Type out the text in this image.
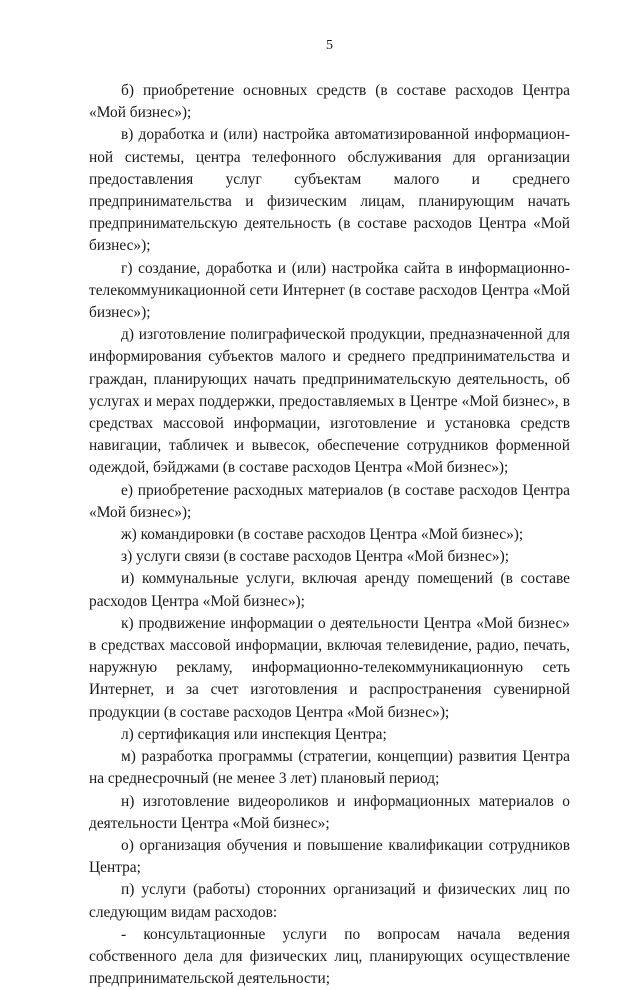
5

б) приобретение основных средств (в составе расходов Центра «Мой бизнес»);

в) доработка и (или) настройка автоматизированной информационной системы, центра телефонного обслуживания для организации предоставления услуг субъектам малого и среднего предпринимательства и физическим лицам, планирующим начать предпринимательскую деятельность (в составе расходов Центра «Мой бизнес»);

г) создание, доработка и (или) настройка сайта в информационно-телекоммуникационной сети Интернет (в составе расходов Центра «Мой бизнес»);

д) изготовление полиграфической продукции, предназначенной для информирования субъектов малого и среднего предпринимательства и граждан, планирующих начать предпринимательскую деятельность, об услугах и мерах поддержки, предоставляемых в Центре «Мой бизнес», в средствах массовой информации, изготовление и установка средств навигации, табличек и вывесок, обеспечение сотрудников форменной одеждой, бэйджами (в составе расходов Центра «Мой бизнес»);

е) приобретение расходных материалов (в составе расходов Центра «Мой бизнес»);

ж) командировки (в составе расходов Центра «Мой бизнес»);

з) услуги связи (в составе расходов Центра «Мой бизнес»);

и) коммунальные услуги, включая аренду помещений (в составе расходов Центра «Мой бизнес»);

к) продвижение информации о деятельности Центра «Мой бизнес» в средствах массовой информации, включая телевидение, радио, печать, наружную рекламу, информационно-телекоммуникационную сеть Интернет, и за счет изготовления и распространения сувенирной продукции (в составе расходов Центра «Мой бизнес»);

л) сертификация или инспекция Центра;

м) разработка программы (стратегии, концепции) развития Центра на среднесрочный (не менее 3 лет) плановый период;

н) изготовление видеороликов и информационных материалов о деятельности Центра «Мой бизнес»;

о) организация обучения и повышение квалификации сотрудников Центра;

п) услуги (работы) сторонних организаций и физических лиц по следующим видам расходов:

- консультационные услуги по вопросам начала ведения собственного дела для физических лиц, планирующих осуществление предпринимательской деятельности;
